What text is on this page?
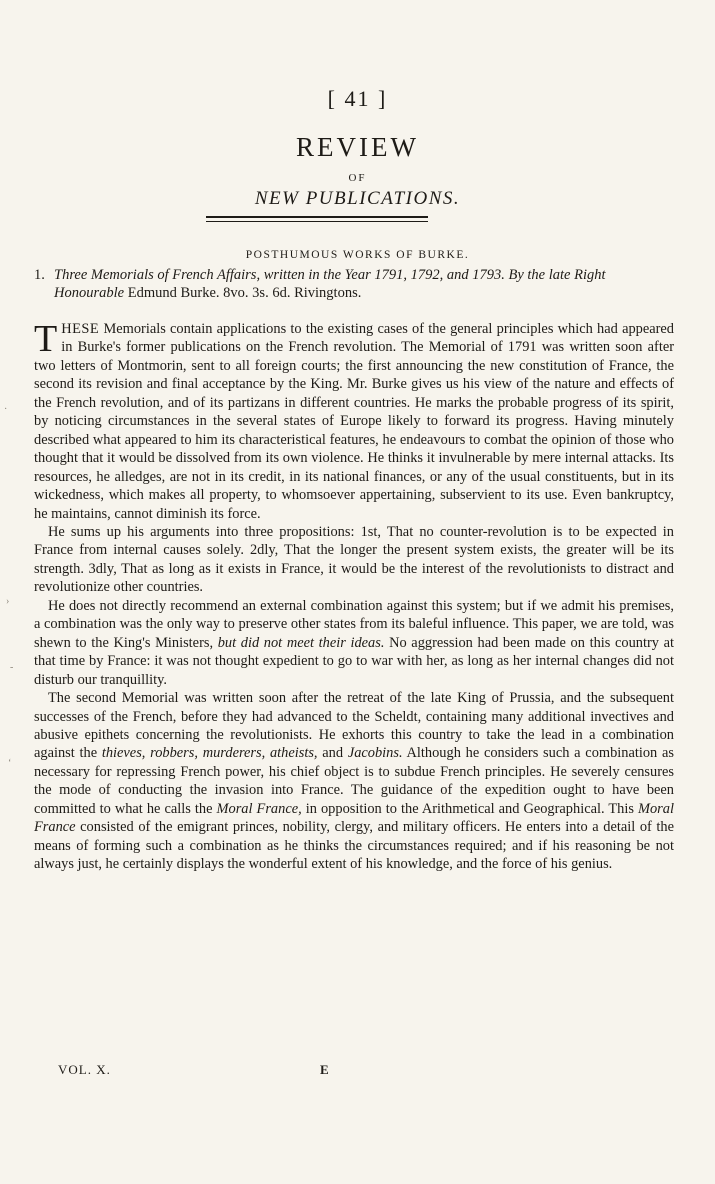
[ 41 ]
REVIEW
OF
NEW PUBLICATIONS.
POSTHUMOUS WORKS OF BURKE.
1. Three Memorials of French Affairs, written in the Year 1791, 1792, and 1793. By the late Right Honourable Edmund Burke. 8vo. 3s. 6d. Rivingtons.

THESE Memorials contain applications to the existing cases of the general principles which had appeared in Burke's former publications on the French revolution. The Memorial of 1791 was written soon after two letters of Montmorin, sent to all foreign courts; the first announcing the new constitution of France, the second its revision and final acceptance by the King. Mr. Burke gives us his view of the nature and effects of the French revolution, and of its partizans in different countries. He marks the probable progress of its spirit, by noticing circumstances in the several states of Europe likely to forward its progress. Having minutely described what appeared to him its characteristical features, he endeavours to combat the opinion of those who thought that it would be dissolved from its own violence. He thinks it invulnerable by mere internal attacks. Its resources, he alledges, are not in its credit, in its national finances, or any of the usual constituents, but in its wickedness, which makes all property, to whomsoever appertaining, subservient to its use. Even bankruptcy, he maintains, cannot diminish its force.

He sums up his arguments into three propositions: 1st, That no counter-revolution is to be expected in France from internal causes solely. 2dly, That the longer the present system exists, the greater will be its strength. 3dly, That as long as it exists in France, it would be the interest of the revolutionists to distract and revolutionize other countries.

He does not directly recommend an external combination against this system; but if we admit his premises, a combination was the only way to preserve other states from its baleful influence. This paper, we are told, was shewn to the King's Ministers, but did not meet their ideas. No aggression had been made on this country at that time by France: it was not thought expedient to go to war with her, as long as her internal changes did not disturb our tranquillity.

The second Memorial was written soon after the retreat of the late King of Prussia, and the subsequent successes of the French, before they had advanced to the Scheldt, containing many additional invectives and abusive epithets concerning the revolutionists. He exhorts this country to take the lead in a combination against the thieves, robbers, murderers, atheists, and Jacobins. Although he considers such a combination as necessary for repressing French power, his chief object is to subdue French principles. He severely censures the mode of conducting the invasion into France. The guidance of the expedition ought to have been committed to what he calls the Moral France, in opposition to the Arithmetical and Geographical. This Moral France consisted of the emigrant princes, nobility, clergy, and military officers. He enters into a detail of the means of forming such a combination as he thinks the circumstances required; and if his reasoning be not always just, he certainly displays the wonderful extent of his knowledge, and the force of his genius.

VOL. X.	E
·
›
-
‘
